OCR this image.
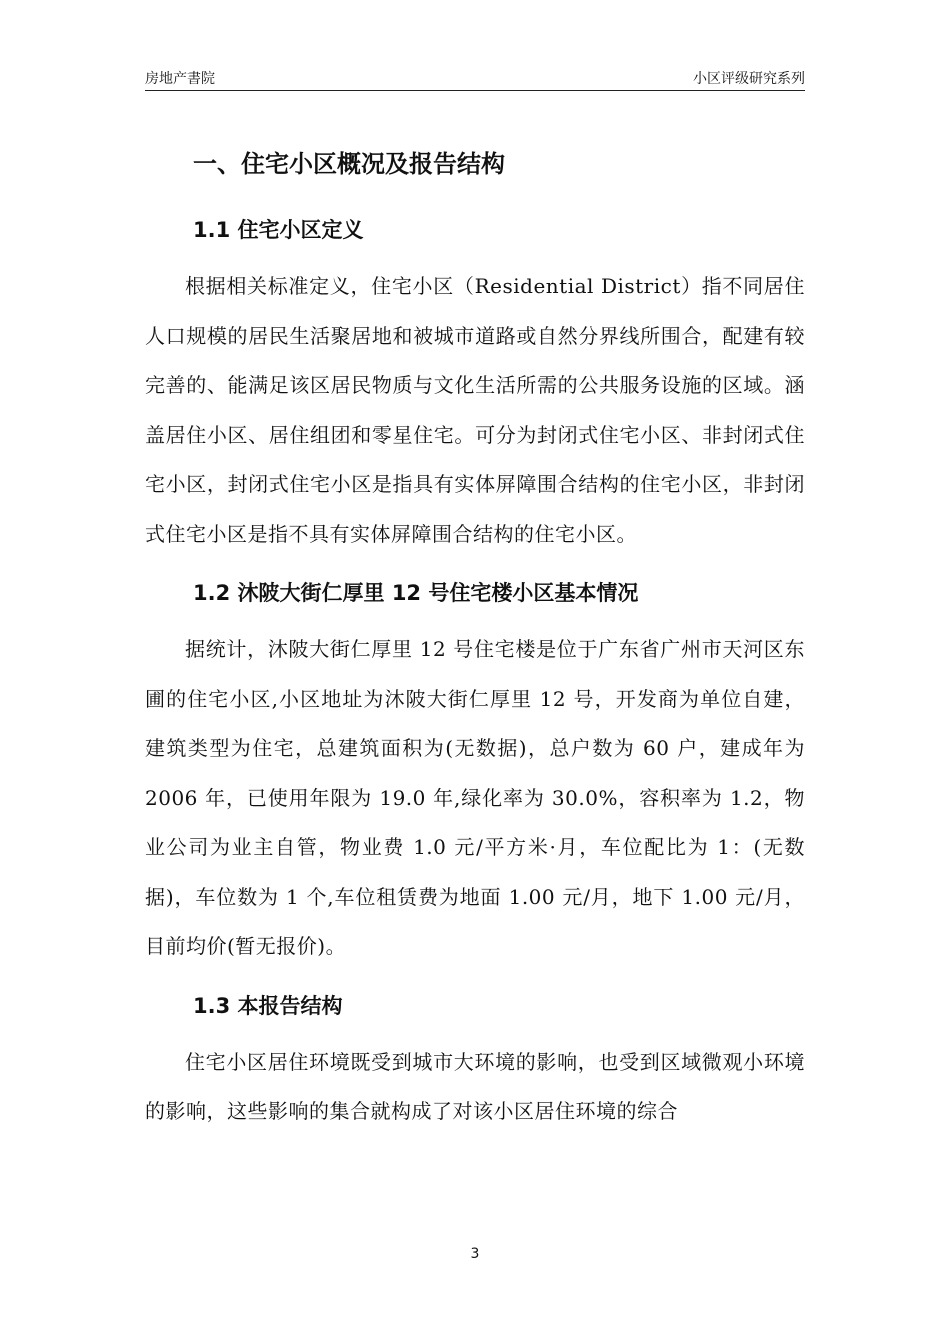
房地产書院	小区评级研究系列
一、住宅小区概况及报告结构
1.1 住宅小区定义

根据相关标准定义，住宅小区（Residential District）指不同居住人口规模的居民生活聚居地和被城市道路或自然分界线所围合，配建有较完善的、能满足该区居民物质与文化生活所需的公共服务设施的区域。涵盖居住小区、居住组团和零星住宅。可分为封闭式住宅小区、非封闭式住宅小区，封闭式住宅小区是指具有实体屏障围合结构的住宅小区，非封闭式住宅小区是指不具有实体屏障围合结构的住宅小区。

1.2 沐陂大街仁厚里 12 号住宅楼小区基本情况

据统计，沐陂大街仁厚里 12 号住宅楼是位于广东省广州市天河区东圃的住宅小区,小区地址为沐陂大街仁厚里 12 号，开发商为单位自建，建筑类型为住宅，总建筑面积为(无数据)，总户数为 60 户，建成年为 2006 年，已使用年限为 19.0 年,绿化率为 30.0%，容积率为 1.2，物业公司为业主自管，物业费 1.0 元/平方米·月，车位配比为 1：(无数据)，车位数为 1 个,车位租赁费为地面 1.00 元/月，地下 1.00 元/月，目前均价(暂无报价)。

1.3 本报告结构

住宅小区居住环境既受到城市大环境的影响，也受到区域微观小环境的影响，这些影响的集合就构成了对该小区居住环境的综合

3
